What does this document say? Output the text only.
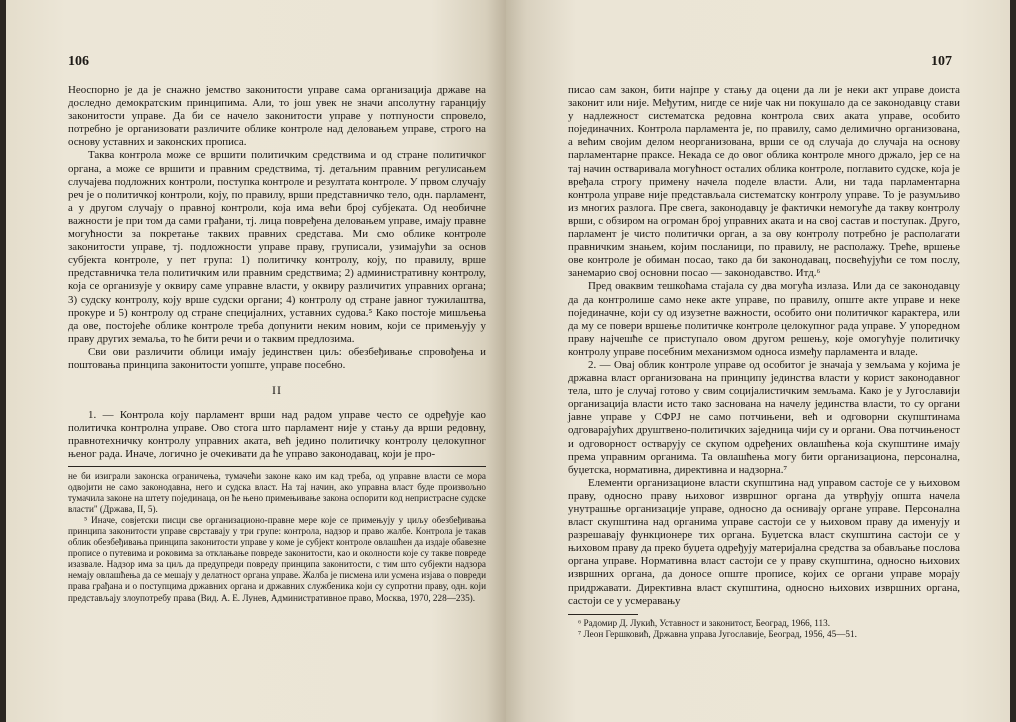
106

Неоспорно је да је снажно јемство законитости управе сама организација државе на доследно демократским принципима. Али, то још увек не значи апсолутну гаранцију законитости управе. Да би се начело законитости управе у потпуности спровело, потребно је организовати различите облике контроле над деловањем управе, строго на основу уставних и законских прописа.

Таква контрола може се вршити политичким средствима и од стране политичког органа, а може се вршити и правним средствима, тј. детаљним правним регулисањем случајева подложних контроли, поступка контроле и резултата контроле. У првом случају реч је о политичкој контроли, коју, по правилу, врши представничко тело, одн. парламент, а у другом случају о правној контроли, која има већи број субјеката. Од необичне важности је при том да сами грађани, тј. лица повређена деловањем управе, имају правне могућности за покретање таквих правних средстава. Ми смо облике контроле законитости управе, тј. подложности управе праву, груписали, узимајући за основ субјекта контроле, у пет група: 1) политичку контролу, коју, по правилу, врше представничка тела политичким или правним средствима; 2) административну контролу, која се организује у оквиру саме управне власти, у оквиру различитих управних органа; 3) судску контролу, коју врше судски органи; 4) контролу од стране јавног тужилаштва, прокуре и 5) контролу од стране специјалних, уставних судова.⁵ Како постоје мишљења да ове, постојеће облике контроле треба допунити неким новим, који се примењују у праву других земаља, то ће бити речи и о таквим предлозима.

Сви ови различити облици имају јединствен циљ: обезбеђивање спровођења и поштовања принципа законитости уопште, управе посебно.

II

1. — Контрола коју парламент врши над радом управе често се одређује као политичка контролна управе. Ово стога што парламент није у стању да врши редовну, правнотехничку контролу управних аката, већ једино политичку контролу целокупног њеног рада. Иначе, логично је очекивати да ће управо законодавац, који је про-

не би изиграли законска ограничења, тумачећи законе како им кад треба, од управне власти се мора одвојити не само законодавна, него и судска власт. На тај начин, ако управна власт буде произвољно тумачила законе на штету појединаца, он ће њено примењивање закона оспорити код непристрасне судске власти" (Држава, II, 5).

⁵ Иначе, совјетски писци све организационо-правне мере које се примењују у циљу обезбеђивања принципа законитости управе сврставају у три групе: контрола, надзор и право жалбе. Контрола је такав облик обезбеђивања принципа законитости управе у коме је субјект контроле овлашћен да издаје обавезне прописе о путевима и роковима за отклањање повреде законитости, као и околности које су такве повреде изазвале. Надзор има за циљ да предупреди повреду принципа законитости, с тим што субјекти надзора немају овлашћења да се мешају у делатност органа управе. Жалба је писмена или усмена изјава о повреди права грађана и о поступцима државних органа и државних службеника који су супротни праву, одн. који представљају злоупотребу права (Вид. А. Е. Лунев, Административное право, Москва, 1970, 228—235).

107

писао сам закон, бити најпре у стању да оцени да ли је неки акт управе доиста законит или није. Међутим, нигде се није чак ни покушало да се законодавцу стави у надлежност систематска редовна контрола свих аката управе, особито појединачних. Контрола парламента је, по правилу, само делимично организована, а већим својим делом неорганизована, врши се од случаја до случаја на основу парламентарне праксе. Некада се до овог облика контроле много држало, јер се на тај начин остваривала могућност осталих облика контроле, поглавито судске, која је вређала строгу примену начела поделе власти. Али, ни тада парламентарна контрола управе није представљала систематску контролу управе. То је разумљиво из многих разлога. Пре свега, законодавцу је фактички немогуће да такву контролу врши, с обзиром на огроман број управних аката и на свој састав и поступак. Друго, парламент је чисто политички орган, а за ову контролу потребно је располагати правничким знањем, којим посланици, по правилу, не располажу. Треће, вршење ове контроле је обиман посао, тако да би законодавац, посвећујући се том послу, занемарио свој основни посао — законодавство. Итд.⁶

Пред оваквим тешкоћама стајала су два могућа излаза. Или да се законодавцу да да контролише само неке акте управе, по правилу, опште акте управе и неке појединачне, који су од изузетне важности, особито они политичког карактера, или да му се повери вршење политичке контроле целокупног рада управе. У упоредном праву најчешће се приступало овом другом решењу, које омогућује политичку контролу управе посебним механизмом односа између парламента и владе.

2. — Овај облик контроле управе од особитог је значаја у земљама у којима је државна власт организована на принципу јединства власти у корист законодавног тела, што је случај готово у свим социјалистичким земљама. Како је у Југославији организација власти исто тако заснована на начелу јединства власти, то су органи јавне управе у СФРЈ не само потчињени, већ и одговорни скупштинама одговарајућих друштвено-политичких заједница чији су и органи. Ова потчињеност и одговорност остварују се скупом одређених овлашћења која скупштине имају према управним органима. Та овлашћења могу бити организациона, персонална, буџетска, нормативна, директивна и надзорна.⁷

Елементи организационе власти скупштина над управом састоје се у њиховом праву, односно праву њиховог извршног органа да утврђују општа начела унутрашње организације управе, односно да оснивају органе управе. Персонална власт скупштина над органима управе састоји се у њиховом праву да именују и разрешавају функционере тих органа. Буџетска власт скупштина састоји се у њиховом праву да преко буџета одређују материјална средства за обављање послова органа управе. Нормативна власт састоји се у праву скупштина, односно њихових извршних органа, да доносе опште прописе, којих се органи управе морају придржавати. Директивна власт скупштина, односно њихових извршних органа, састоји се у усмеравању

⁶ Радомир Д. Лукић, Уставност и законитост, Београд, 1966, 113.

⁷ Леон Гершковић, Државна управа Југославије, Београд, 1956, 45—51.
